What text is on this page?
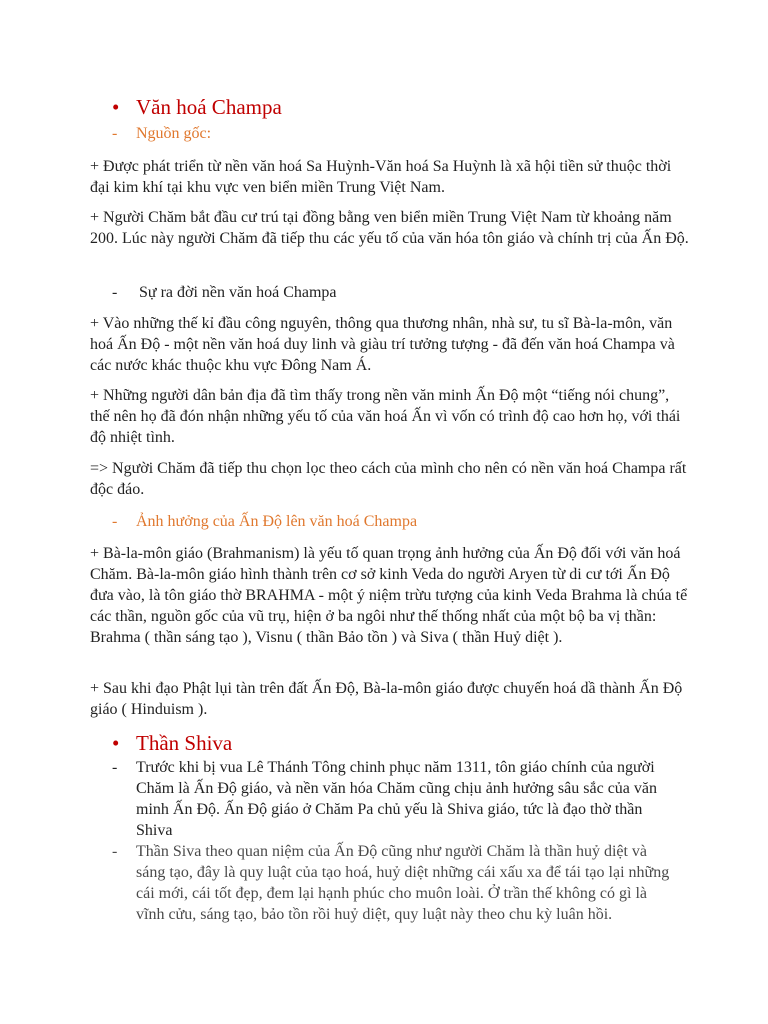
• Văn hoá Champa
- Nguồn gốc:
+ Được phát triển từ nền văn hoá Sa Huỳnh-Văn hoá Sa Huỳnh là xã hội tiền sử thuộc thời đại kim khí tại khu vực ven biển miền Trung Việt Nam.
+ Người Chăm bắt đầu cư trú tại đồng bằng ven biển miền Trung Việt Nam từ khoảng năm 200. Lúc này người Chăm đã tiếp thu các yếu tố của văn hóa tôn giáo và chính trị của Ấn Độ.
- Sự ra đời nền văn hoá Champa
+ Vào những thế kỉ đầu công nguyên, thông qua thương nhân, nhà sư, tu sĩ Bà-la-môn, văn hoá Ấn Độ - một nền văn hoá duy linh và giàu trí tưởng tượng - đã đến văn hoá Champa và các nước khác thuộc khu vực Đông Nam Á.
+ Những người dân bản địa đã tìm thấy trong nền văn minh Ấn Độ một “tiếng nói chung”, thế nên họ đã đón nhận những yếu tố của văn hoá Ấn vì vốn có trình độ cao hơn họ, với thái độ nhiệt tình.
=> Người Chăm đã tiếp thu chọn lọc theo cách của mình cho nên có nền văn hoá Champa rất độc đáo.
- Ảnh hưởng của Ấn Độ lên văn hoá Champa
+ Bà-la-môn giáo (Brahmanism) là yếu tố quan trọng ảnh hưởng của Ấn Độ đối với văn hoá Chăm. Bà-la-môn giáo hình thành trên cơ sở kinh Veda do người Aryen từ di cư tới Ấn Độ đưa vào, là tôn giáo thờ BRAHMA - một ý niệm trừu tượng của kinh Veda Brahma là chúa tể các thần, nguồn gốc của vũ trụ, hiện ở ba ngôi như thế thống nhất của một bộ ba vị thần: Brahma ( thần sáng tạo ), Visnu ( thần Bảo tồn ) và Siva ( thần Huỷ diệt ).
+ Sau khi đạo Phật lụi tàn trên đất Ấn Độ, Bà-la-môn giáo được chuyến hoá dầ thành Ấn Độ giáo ( Hinduism ).
• Thần Shiva
- Trước khi bị vua Lê Thánh Tông chinh phục năm 1311, tôn giáo chính của người Chăm là Ấn Độ giáo, và nền văn hóa Chăm cũng chịu ảnh hưởng sâu sắc của văn minh Ấn Độ. Ấn Độ giáo ở Chăm Pa chủ yếu là Shiva giáo, tức là đạo thờ thần Shiva
- Thần Siva theo quan niệm của Ấn Độ cũng như người Chăm là thần huỷ diệt và sáng tạo, đây là quy luật của tạo hoá, huỷ diệt những cái xấu xa để tái tạo lại những cái mới, cái tốt đẹp, đem lại hạnh phúc cho muôn loài. Ở trần thế không có gì là vĩnh cửu, sáng tạo, bảo tồn rồi huỷ diệt, quy luật này theo chu kỳ luân hồi.
